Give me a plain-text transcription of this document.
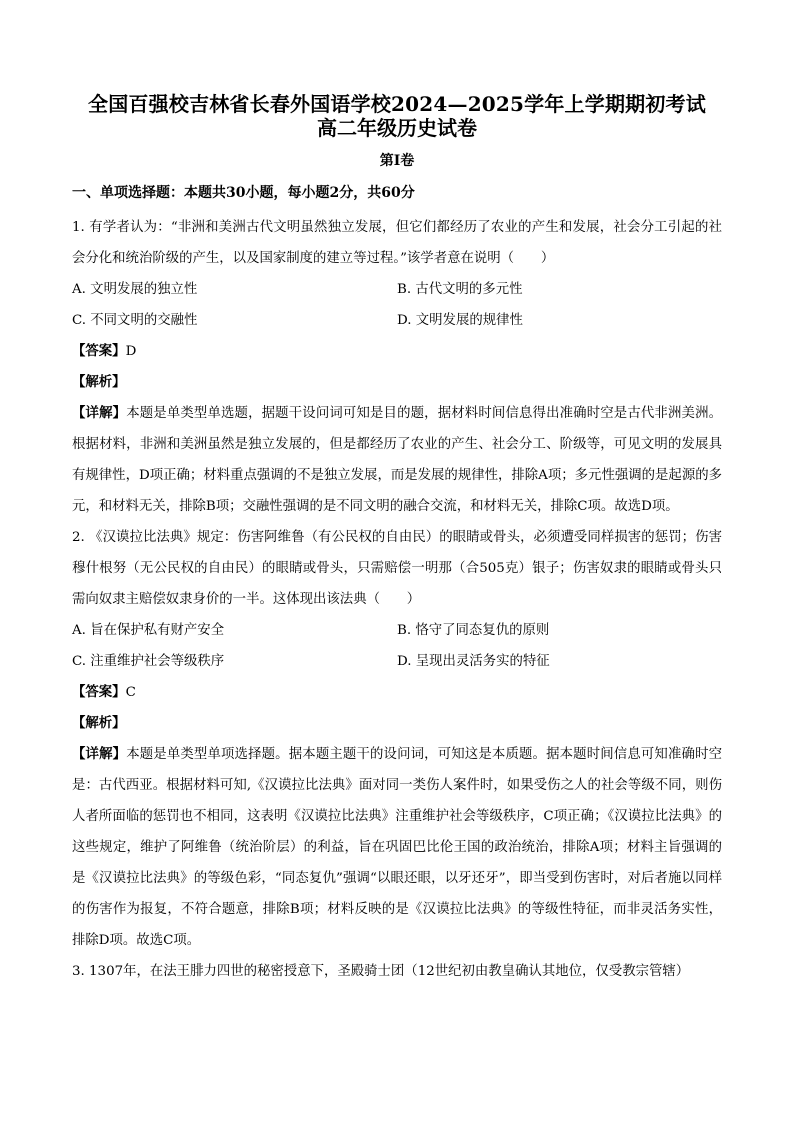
全国百强校吉林省长春外国语学校2024—2025学年上学期期初考试
高二年级历史试卷
第Ⅰ卷
一、单项选择题：本题共30小题，每小题2分，共60分

1. 有学者认为：“非洲和美洲古代文明虽然独立发展，但它们都经历了农业的产生和发展，社会分工引起的社会分化和统治阶级的产生，以及国家制度的建立等过程。”该学者意在说明（　　）

A. 文明发展的独立性	B. 古代文明的多元性
C. 不同文明的交融性	D. 文明发展的规律性

【答案】D

【解析】

【详解】本题是单类型单选题，据题干设问词可知是目的题，据材料时间信息得出准确时空是古代非洲美洲。根据材料，非洲和美洲虽然是独立发展的，但是都经历了农业的产生、社会分工、阶级等，可见文明的发展具有规律性，D项正确；材料重点强调的不是独立发展，而是发展的规律性，排除A项；多元性强调的是起源的多元，和材料无关，排除B项；交融性强调的是不同文明的融合交流，和材料无关，排除C项。故选D项。

2. 《汉谟拉比法典》规定：伤害阿维鲁（有公民权的自由民）的眼睛或骨头，必须遭受同样损害的惩罚；伤害穆什根努（无公民权的自由民）的眼睛或骨头，只需赔偿一明那（合505克）银子；伤害奴隶的眼睛或骨头只需向奴隶主赔偿奴隶身价的一半。这体现出该法典（　　）

A. 旨在保护私有财产安全	B. 恪守了同态复仇的原则
C. 注重维护社会等级秩序	D. 呈现出灵活务实的特征

【答案】C

【解析】

【详解】本题是单类型单项选择题。据本题主题干的设问词，可知这是本质题。据本题时间信息可知准确时空是：古代西亚。根据材料可知,《汉谟拉比法典》面对同一类伤人案件时，如果受伤之人的社会等级不同，则伤人者所面临的惩罚也不相同，这表明《汉谟拉比法典》注重维护社会等级秩序，C项正确；《汉谟拉比法典》的这些规定，维护了阿维鲁（统治阶层）的利益，旨在巩固巴比伦王国的政治统治，排除A项；材料主旨强调的是《汉谟拉比法典》的等级色彩，“同态复仇”强调“以眼还眼，以牙还牙”，即当受到伤害时，对后者施以同样的伤害作为报复，不符合题意，排除B项；材料反映的是《汉谟拉比法典》的等级性特征，而非灵活务实性，排除D项。故选C项。

3. 1307年，在法王腓力四世的秘密授意下，圣殿骑士团（12世纪初由教皇确认其地位，仅受教宗管辖）
